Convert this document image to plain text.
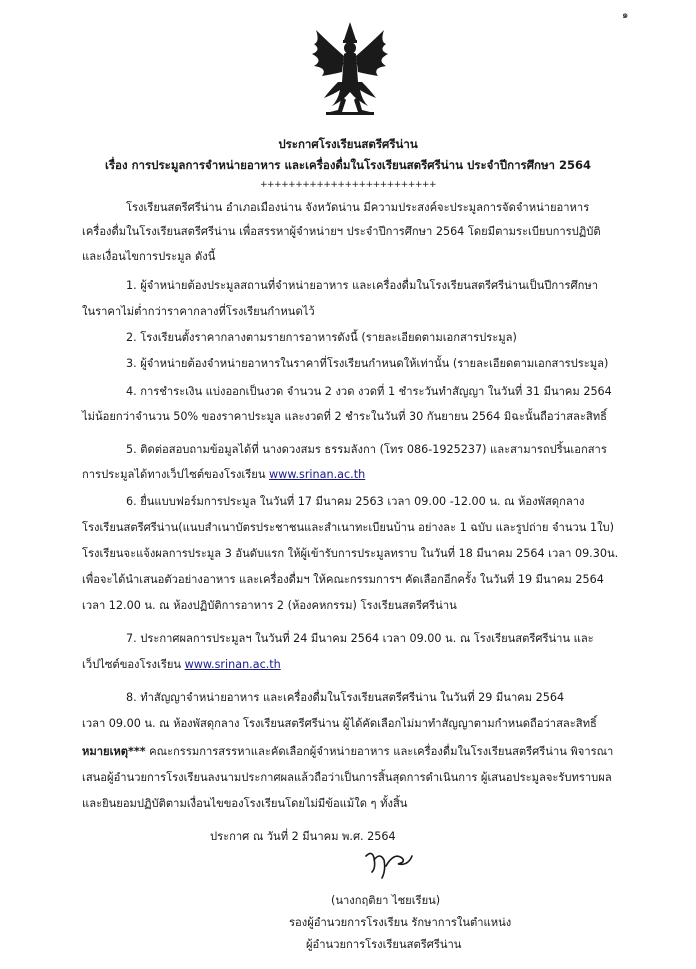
๑
ประกาศโรงเรียนสตรีศรีน่าน
เรื่อง การประมูลการจำหน่ายอาหาร และเครื่องดื่มในโรงเรียนสตรีศรีน่าน ประจำปีการศึกษา 2564
+++++++++++++++++++++++++
โรงเรียนสตรีศรีน่าน อำเภอเมืองน่าน จังหวัดน่าน มีความประสงค์จะประมูลการจัดจำหน่ายอาหาร
เครื่องดื่มในโรงเรียนสตรีศรีน่าน เพื่อสรรหาผู้จำหน่ายฯ ประจำปีการศึกษา 2564 โดยมีตามระเบียบการปฏิบัติ
และเงื่อนไขการประมูล ดังนี้
1. ผู้จำหน่ายต้องประมูลสถานที่จำหน่ายอาหาร และเครื่องดื่มในโรงเรียนสตรีศรีน่านเป็นปีการศึกษา
ในราคาไม่ต่ำกว่าราคากลางที่โรงเรียนกำหนดไว้
2. โรงเรียนตั้งราคากลางตามรายการอาหารดังนี้ (รายละเอียดตามเอกสารประมูล)
3. ผู้จำหน่ายต้องจำหน่ายอาหารในราคาที่โรงเรียนกำหนดให้เท่านั้น (รายละเอียดตามเอกสารประมูล)
4. การชำระเงิน แบ่งออกเป็นงวด จำนวน 2 งวด งวดที่ 1 ชำระวันทำสัญญา ในวันที่ 31 มีนาคม 2564
ไม่น้อยกว่าจำนวน 50% ของราคาประมูล และงวดที่ 2 ชำระในวันที่ 30 กันยายน 2564 มิฉะนั้นถือว่าสละสิทธิ์
5. ติดต่อสอบถามข้อมูลได้ที่ นางดวงสมร ธรรมลังกา (โทร 086-1925237) และสามารถปริ้นเอกสาร
การประมูลได้ทางเว็ปไซต์ของโรงเรียน www.srinan.ac.th
6. ยื่นแบบฟอร์มการประมูล ในวันที่ 17 มีนาคม 2563 เวลา 09.00 -12.00 น. ณ ห้องพัสดุกลาง
โรงเรียนสตรีศรีน่าน(แนบสำเนาบัตรประชาชนและสำเนาทะเบียนบ้าน อย่างละ 1 ฉบับ และรูปถ่าย จำนวน 1ใบ)
โรงเรียนจะแจ้งผลการประมูล 3 อันดับแรก ให้ผู้เข้ารับการประมูลทราบ ในวันที่ 18 มีนาคม 2564 เวลา 09.30น.
เพื่อจะได้นำเสนอตัวอย่างอาหาร และเครื่องดื่มฯ ให้คณะกรรมการฯ คัดเลือกอีกครั้ง ในวันที่ 19 มีนาคม 2564
เวลา 12.00 น. ณ ห้องปฏิบัติการอาหาร 2 (ห้องคหกรรม) โรงเรียนสตรีศรีน่าน
7. ประกาศผลการประมูลฯ ในวันที่ 24 มีนาคม 2564 เวลา 09.00 น. ณ โรงเรียนสตรีศรีน่าน และ
เว็ปไซต์ของโรงเรียน www.srinan.ac.th
8. ทำสัญญาจำหน่ายอาหาร และเครื่องดื่มในโรงเรียนสตรีศรีน่าน ในวันที่ 29 มีนาคม 2564
เวลา 09.00 น. ณ ห้องพัสดุกลาง โรงเรียนสตรีศรีน่าน ผู้ได้คัดเลือกไม่มาทำสัญญาตามกำหนดถือว่าสละสิทธิ์
หมายเหตุ*** คณะกรรมการสรรหาและคัดเลือกผู้จำหน่ายอาหาร และเครื่องดื่มในโรงเรียนสตรีศรีน่าน พิจารณา
เสนอผู้อำนวยการโรงเรียนลงนามประกาศผลแล้วถือว่าเป็นการสิ้นสุดการดำเนินการ ผู้เสนอประมูลจะรับทราบผล
และยินยอมปฏิบัติตามเงื่อนไขของโรงเรียนโดยไม่มีข้อแม้ใด ๆ ทั้งสิ้น
ประกาศ ณ วันที่ 2 มีนาคม พ.ศ. 2564
(นางกฤติยา ไชยเรียน)
รองผู้อำนวยการโรงเรียน รักษาการในตำแหน่ง
ผู้อำนวยการโรงเรียนสตรีศรีน่าน
